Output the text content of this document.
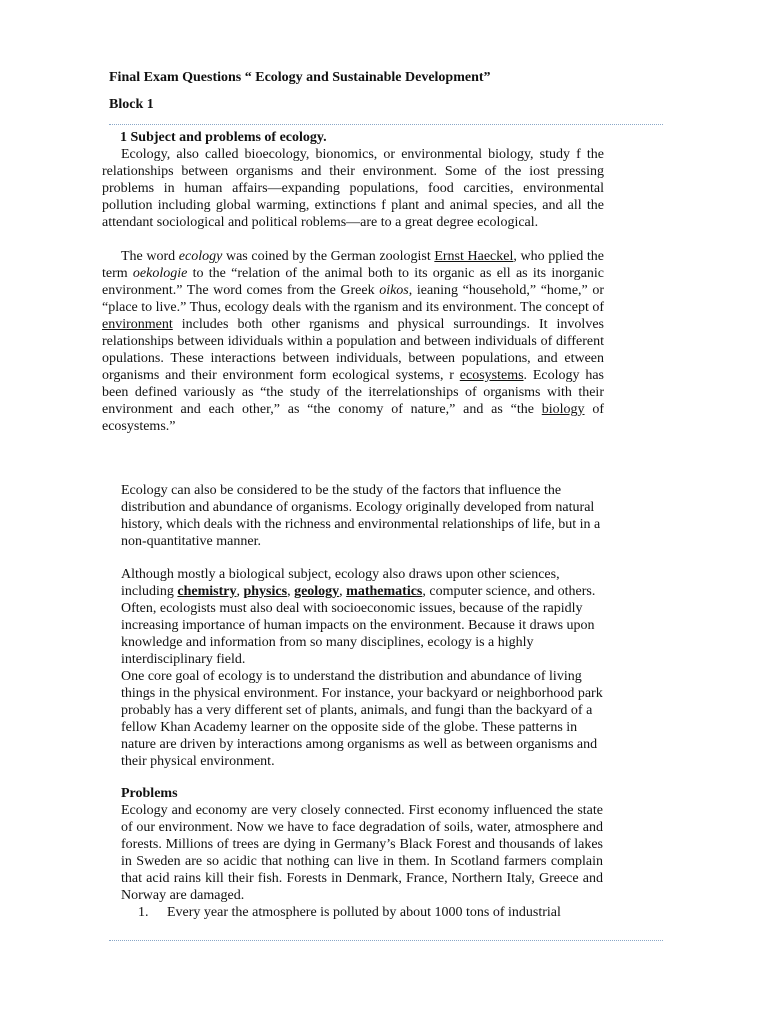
Final Exam Questions “ Ecology and Sustainable Development”
Block 1

1 Subject and problems of ecology.

Ecology, also called bioecology, bionomics, or environmental biology, study f the relationships between organisms and their environment. Some of the iost pressing problems in human affairs—expanding populations, food carcities, environmental pollution including global warming, extinctions f plant and animal species, and all the attendant sociological and political roblems—are to a great degree ecological.

The word ecology was coined by the German zoologist Ernst Haeckel, who pplied the term oekologie to the “relation of the animal both to its organic as ell as its inorganic environment.” The word comes from the Greek oikos, ieaning “household,” “home,” or “place to live.” Thus, ecology deals with the rganism and its environment. The concept of environment includes both other rganisms and physical surroundings. It involves relationships between idividuals within a population and between individuals of different opulations. These interactions between individuals, between populations, and etween organisms and their environment form ecological systems, r ecosystems. Ecology has been defined variously as “the study of the iterrelationships of organisms with their environment and each other,” as “the conomy of nature,” and as “the biology of ecosystems.”

Ecology can also be considered to be the study of the factors that influence the distribution and abundance of organisms. Ecology originally developed from natural history, which deals with the richness and environmental relationships of life, but in a non-quantitative manner.

Although mostly a biological subject, ecology also draws upon other sciences, including chemistry, physics, geology, mathematics, computer science, and others. Often, ecologists must also deal with socioeconomic issues, because of the rapidly increasing importance of human impacts on the environment. Because it draws upon knowledge and information from so many disciplines, ecology is a highly interdisciplinary field.

One core goal of ecology is to understand the distribution and abundance of living things in the physical environment. For instance, your backyard or neighborhood park probably has a very different set of plants, animals, and fungi than the backyard of a fellow Khan Academy learner on the opposite side of the globe. These patterns in nature are driven by interactions among organisms as well as between organisms and their physical environment.

Problems

Ecology and economy are very closely connected. First economy influenced the state of our environment. Now we have to face degradation of soils, water, atmosphere and forests. Millions of trees are dying in Germany’s Black Forest and thousands of lakes in Sweden are so acidic that nothing can live in them. In Scotland farmers complain that acid rains kill their fish. Forests in Denmark, France, Northern Italy, Greece and Norway are damaged.

1.	Every year the atmosphere is polluted by about 1000 tons of industrial
